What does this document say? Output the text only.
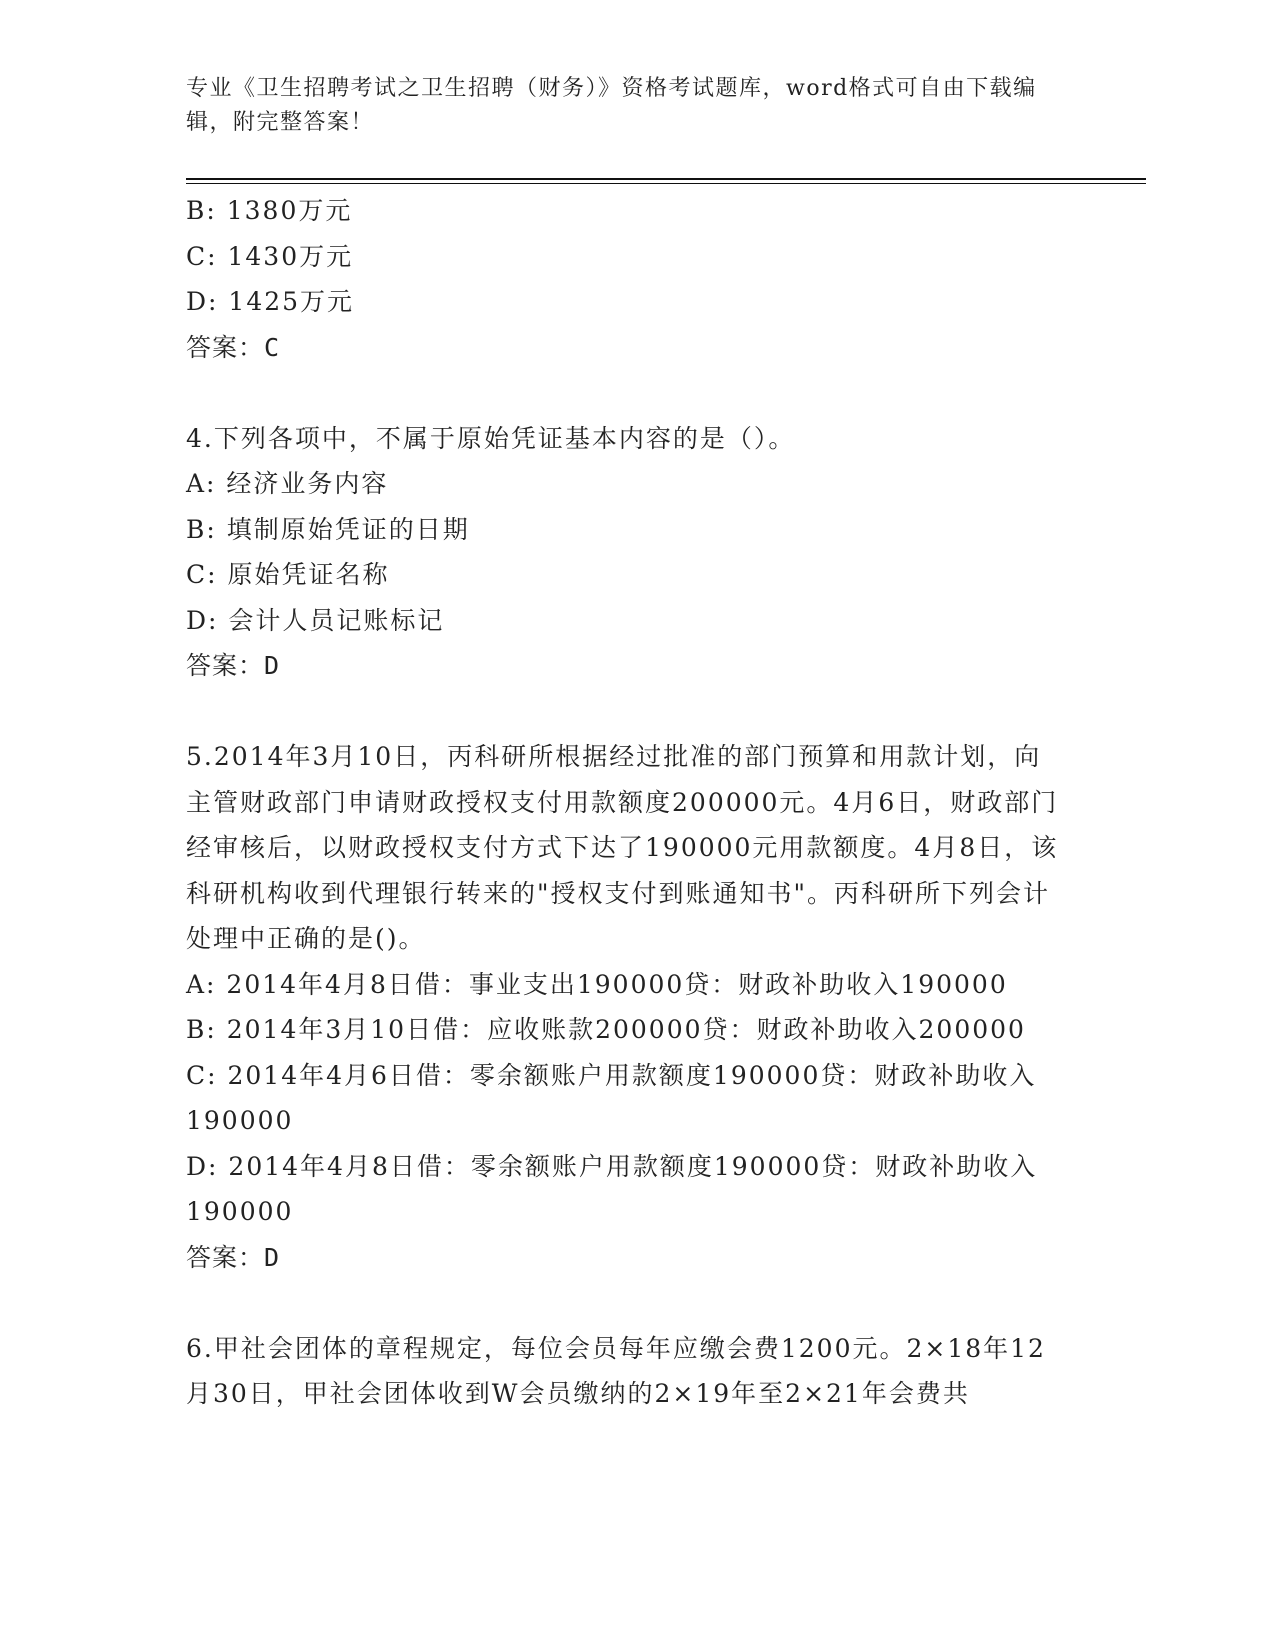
专业《卫生招聘考试之卫生招聘（财务）》资格考试题库，word格式可自由下载编辑，附完整答案！
B: 1380万元
C: 1430万元
D: 1425万元
答案：C
4.下列各项中，不属于原始凭证基本内容的是（）。
A: 经济业务内容
B: 填制原始凭证的日期
C: 原始凭证名称
D: 会计人员记账标记
答案：D
5.2014年3月10日，丙科研所根据经过批准的部门预算和用款计划，向主管财政部门申请财政授权支付用款额度200000元。4月6日，财政部门经审核后，以财政授权支付方式下达了190000元用款额度。4月8日，该科研机构收到代理银行转来的"授权支付到账通知书"。丙科研所下列会计处理中正确的是()。
A: 2014年4月8日借：事业支出190000贷：财政补助收入190000
B: 2014年3月10日借：应收账款200000贷：财政补助收入200000
C: 2014年4月6日借：零余额账户用款额度190000贷：财政补助收入190000
D: 2014年4月8日借：零余额账户用款额度190000贷：财政补助收入190000
答案：D
6.甲社会团体的章程规定，每位会员每年应缴会费1200元。2×18年12月30日，甲社会团体收到W会员缴纳的2×19年至2×21年会费共
